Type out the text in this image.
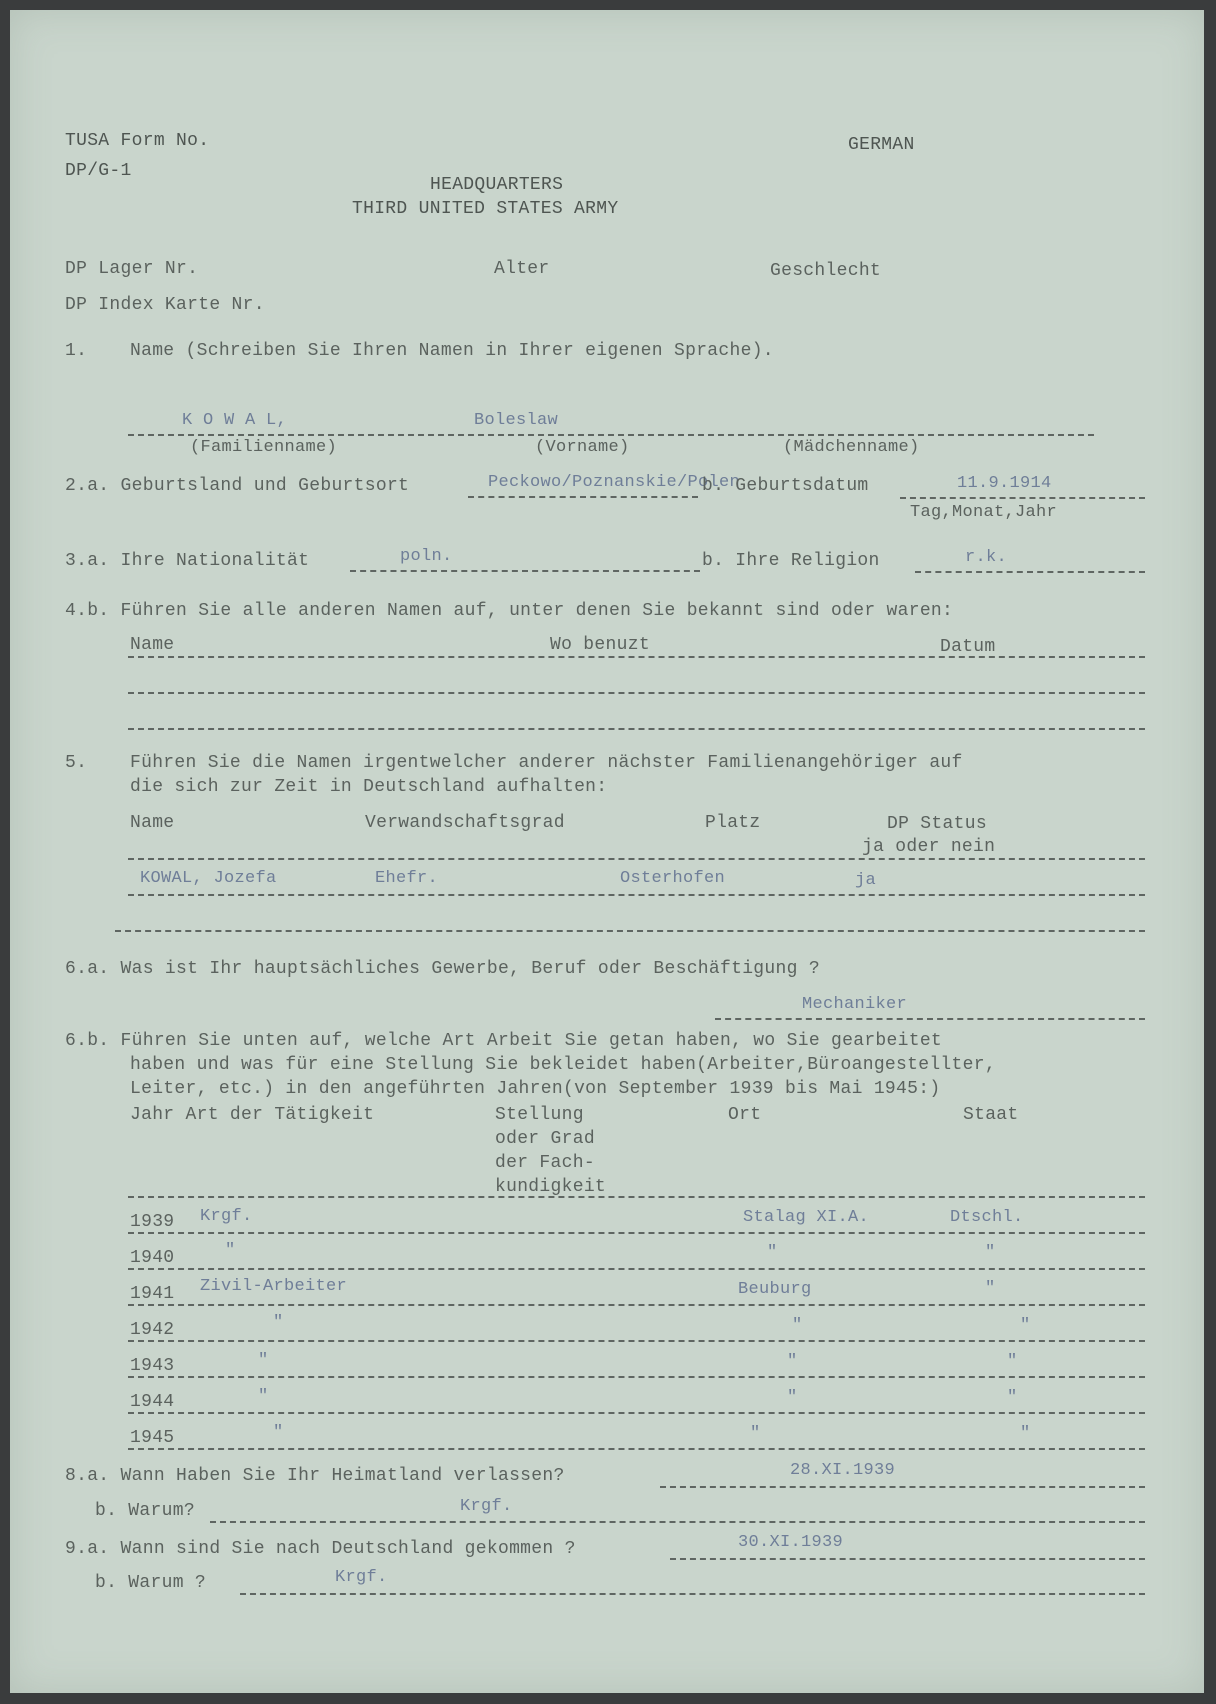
TUSA Form No.
DP/G-1
GERMAN
HEADQUARTERS
THIRD UNITED STATES ARMY
DP Lager Nr.	Alter	Geschlecht
DP Index Karte Nr.
1. Name (Schreiben Sie Ihren Namen in Ihrer eigenen Sprache).
K O W A L,	Boleslaw
(Familienname)	(Vorname)	(Mädchenname)
2.a. Geburtsland und Geburtsort	Peckowo/Poznanskie/Polen
b. Geburtsdatum	11.9.1914
Tag,Monat,Jahr
3.a. Ihre Nationalität	poln.	b. Ihre Religion	r.k.
4.b. Führen Sie alle anderen Namen auf, unter denen Sie bekannt sind oder waren:
Name	Wo benuzt	Datum
5. Führen Sie die Namen irgentwelcher anderer nächster Familienangehöriger auf
die sich zur Zeit in Deutschland aufhalten:
Name	Verwandschaftsgrad	Platz	DP Status
ja oder nein
KOWAL, Jozefa	Ehefr.	Osterhofen	ja
6.a. Was ist Ihr hauptsächliches Gewerbe, Beruf oder Beschäftigung ?
Mechaniker
6.b. Führen Sie unten auf, welche Art Arbeit Sie getan haben, wo Sie gearbeitet
haben und was für eine Stellung Sie bekleidet haben(Arbeiter,Büroangestellter,
Leiter, etc.) in den angeführten Jahren(von September 1939 bis Mai 1945:)
Jahr Art der Tätigkeit	Stellung
oder Grad
der Fach-
kundigkeit
Ort	Staat
1939 Krgf.	Stalag XI.A.	Dtschl.
1940	"	"	"
1941 Zivil-Arbeiter	Beuburg	"
1942	"	"	"
1943	"	"	"
1944	"	"	"
1945	"	"	"
8.a. Wann Haben Sie Ihr Heimatland verlassen?	28.XI.1939
b. Warum?	Krgf.
9.a. Wann sind Sie nach Deutschland gekommen ?	30.XI.1939
b. Warum ?	Krgf.
